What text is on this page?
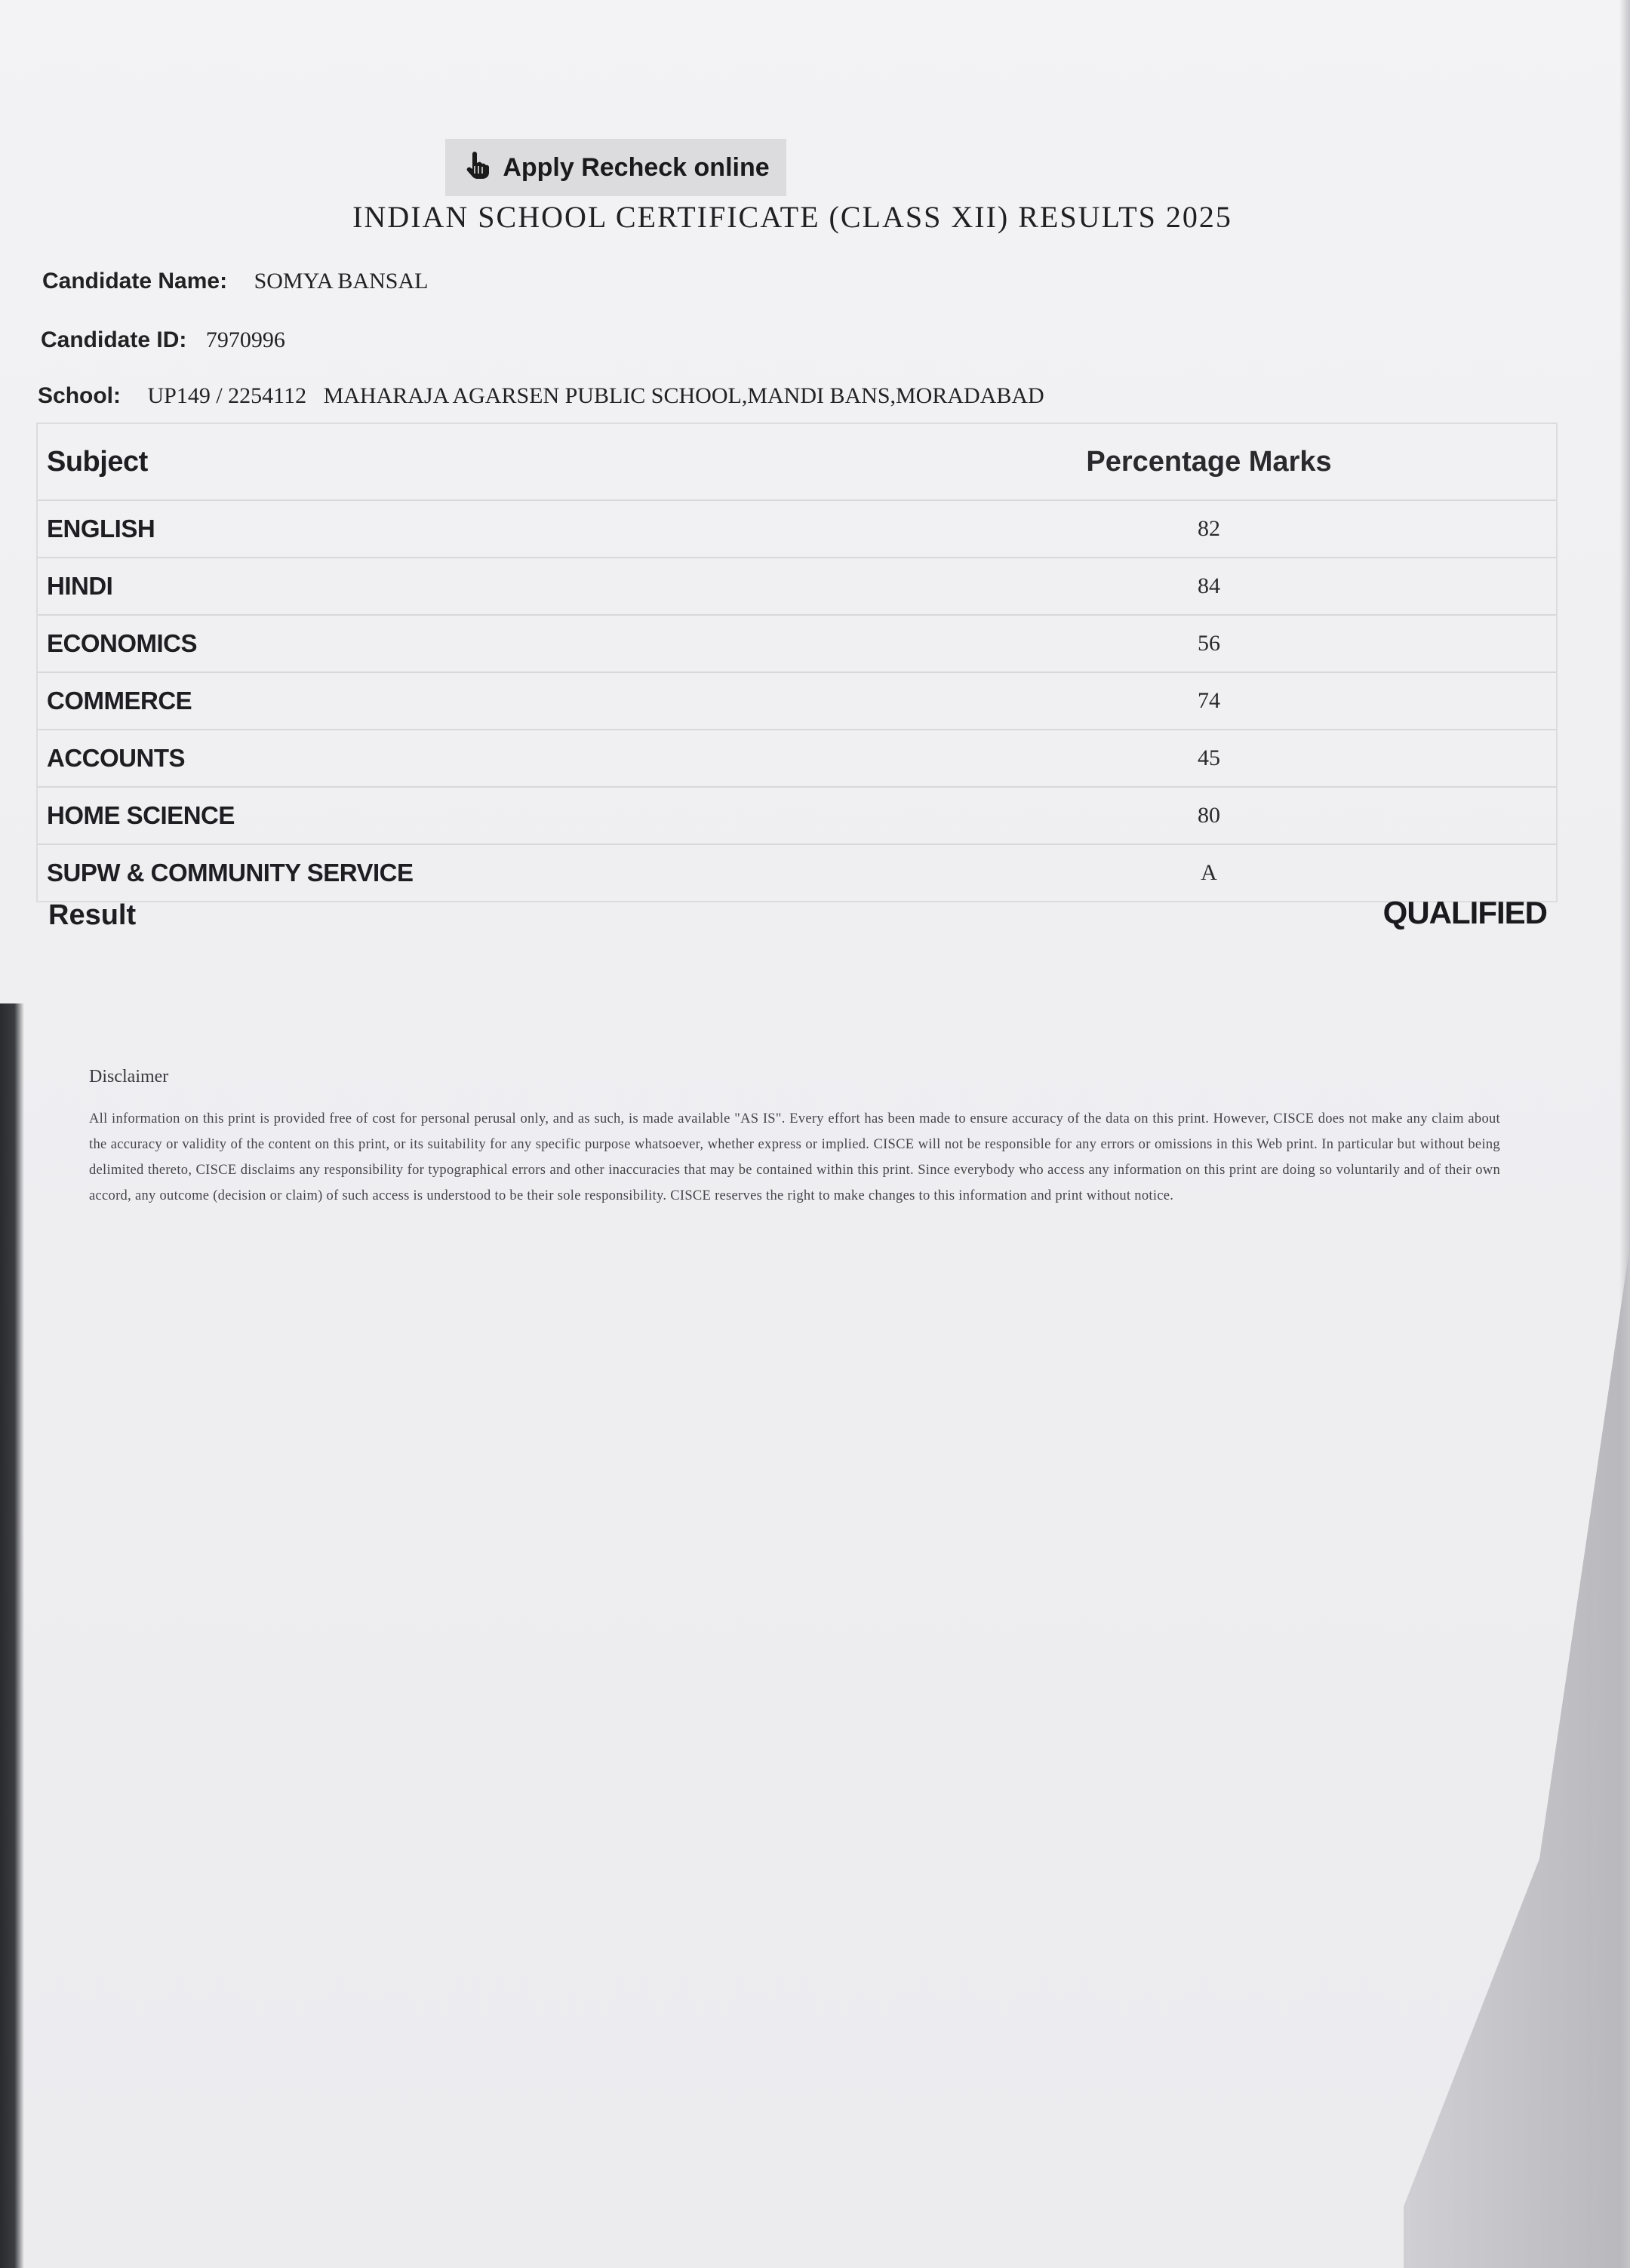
Apply Recheck online
INDIAN SCHOOL CERTIFICATE (CLASS XII) RESULTS 2025
Candidate Name: SOMYA BANSAL
Candidate ID: 7970996
School: UP149 / 2254112   MAHARAJA AGARSEN PUBLIC SCHOOL,MANDI BANS,MORADABAD
Subject	Percentage Marks
ENGLISH	82
HINDI	84
ECONOMICS	56
COMMERCE	74
ACCOUNTS	45
HOME SCIENCE	80
SUPW & COMMUNITY SERVICE	A
Result	QUALIFIED
Disclaimer
All information on this print is provided free of cost for personal perusal only, and as such, is made available "AS IS". Every effort has been made to ensure accuracy of the data on this print. However, CISCE does not make any claim about the accuracy or validity of the content on this print, or its suitability for any specific purpose whatsoever, whether express or implied. CISCE will not be responsible for any errors or omissions in this Web print. In particular but without being delimited thereto, CISCE disclaims any responsibility for typographical errors and other inaccuracies that may be contained within this print. Since everybody who access any information on this print are doing so voluntarily and of their own accord, any outcome (decision or claim) of such access is understood to be their sole responsibility. CISCE reserves the right to make changes to this information and print without notice.
